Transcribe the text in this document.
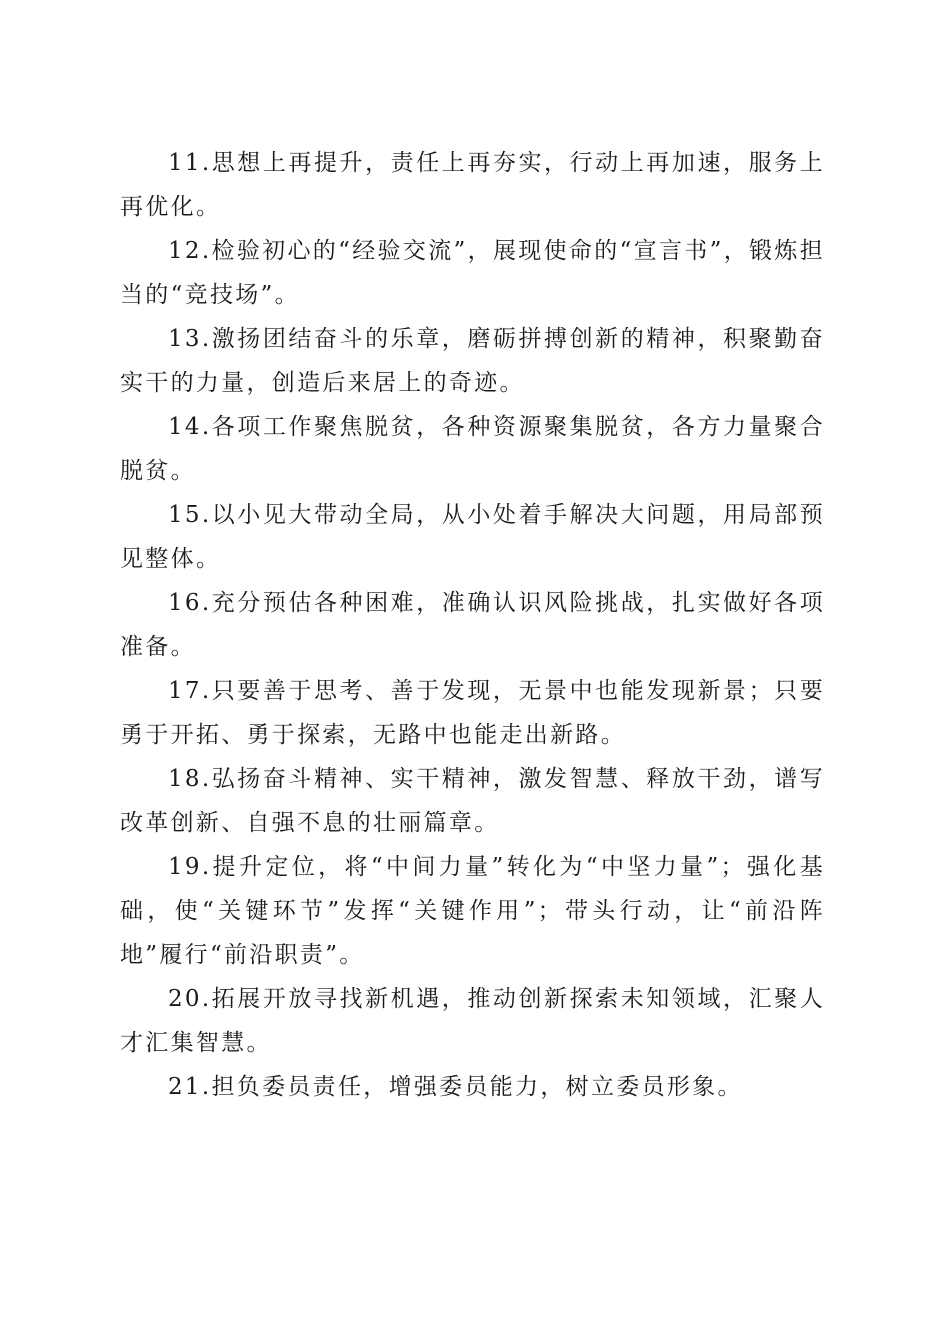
11.思想上再提升，责任上再夯实，行动上再加速，服务上再优化。

12.检验初心的“经验交流”，展现使命的“宣言书”，锻炼担当的“竞技场”。

13.激扬团结奋斗的乐章，磨砺拼搏创新的精神，积聚勤奋实干的力量，创造后来居上的奇迹。

14.各项工作聚焦脱贫，各种资源聚集脱贫，各方力量聚合脱贫。

15.以小见大带动全局，从小处着手解决大问题，用局部预见整体。

16.充分预估各种困难，准确认识风险挑战，扎实做好各项准备。

17.只要善于思考、善于发现，无景中也能发现新景；只要勇于开拓、勇于探索，无路中也能走出新路。

18.弘扬奋斗精神、实干精神，激发智慧、释放干劲，谱写改革创新、自强不息的壮丽篇章。

19.提升定位，将“中间力量”转化为“中坚力量”；强化基础，使“关键环节”发挥“关键作用”；带头行动，让“前沿阵地”履行“前沿职责”。

20.拓展开放寻找新机遇，推动创新探索未知领域，汇聚人才汇集智慧。

21.担负委员责任，增强委员能力，树立委员形象。
